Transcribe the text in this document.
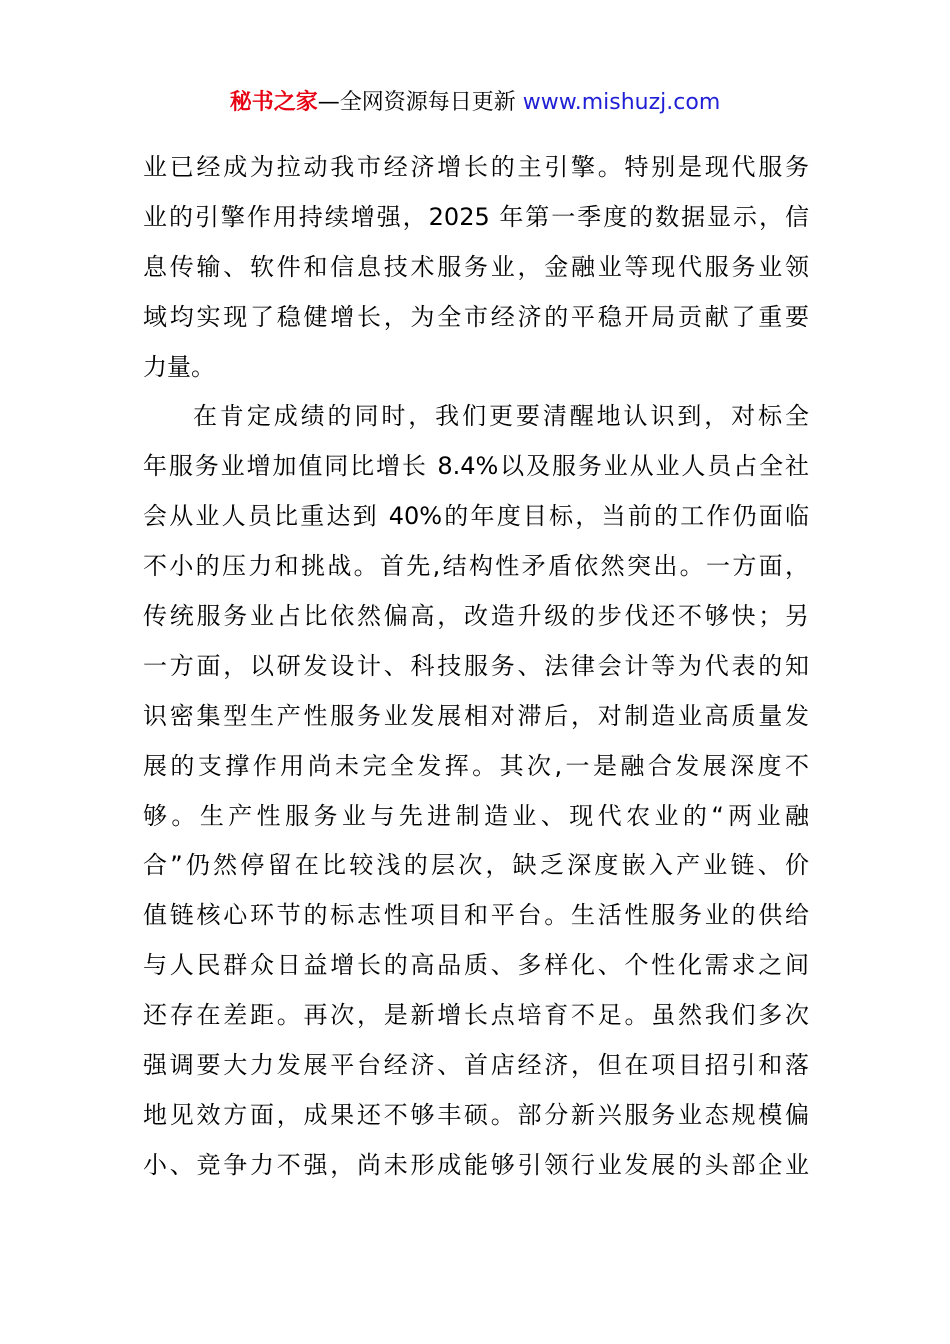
秘书之家—全网资源每日更新 www.mishuzj.com
业已经成为拉动我市经济增长的主引擎。特别是现代服务
业的引擎作用持续增强，2025 年第一季度的数据显示，信
息传输、软件和信息技术服务业，金融业等现代服务业领
域均实现了稳健增长，为全市经济的平稳开局贡献了重要
力量。
在肯定成绩的同时，我们更要清醒地认识到，对标全
年服务业增加值同比增长 8.4%以及服务业从业人员占全社
会从业人员比重达到 40%的年度目标，当前的工作仍面临
不小的压力和挑战。首先,结构性矛盾依然突出。一方面，
传统服务业占比依然偏高，改造升级的步伐还不够快；另
一方面，以研发设计、科技服务、法律会计等为代表的知
识密集型生产性服务业发展相对滞后，对制造业高质量发
展的支撑作用尚未完全发挥。其次,一是融合发展深度不
够。生产性服务业与先进制造业、现代农业的“两业融
合”仍然停留在比较浅的层次，缺乏深度嵌入产业链、价
值链核心环节的标志性项目和平台。生活性服务业的供给
与人民群众日益增长的高品质、多样化、个性化需求之间
还存在差距。再次，是新增长点培育不足。虽然我们多次
强调要大力发展平台经济、首店经济，但在项目招引和落
地见效方面，成果还不够丰硕。部分新兴服务业态规模偏
小、竞争力不强，尚未形成能够引领行业发展的头部企业
